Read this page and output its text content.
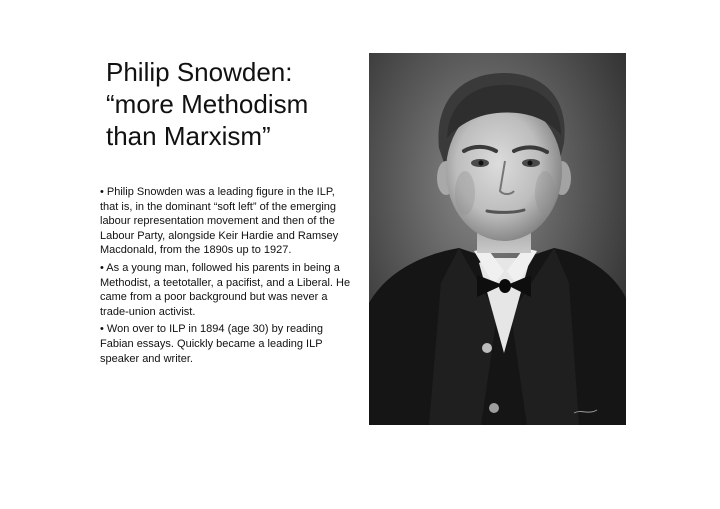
Philip Snowden:
“more Methodism
than Marxism”
• Philip Snowden was a leading figure in the ILP, that is, in the dominant “soft left” of the emerging labour representation movement and then of the Labour Party, alongside Keir Hardie and Ramsey Macdonald, from the 1890s up to 1927.
• As a young man, followed his parents in being a Methodist, a teetotaller, a pacifist, and a Liberal. He came from a poor background but was never a trade-union activist.
• Won over to ILP in 1894 (age 30) by reading Fabian essays. Quickly became a leading ILP speaker and writer.
